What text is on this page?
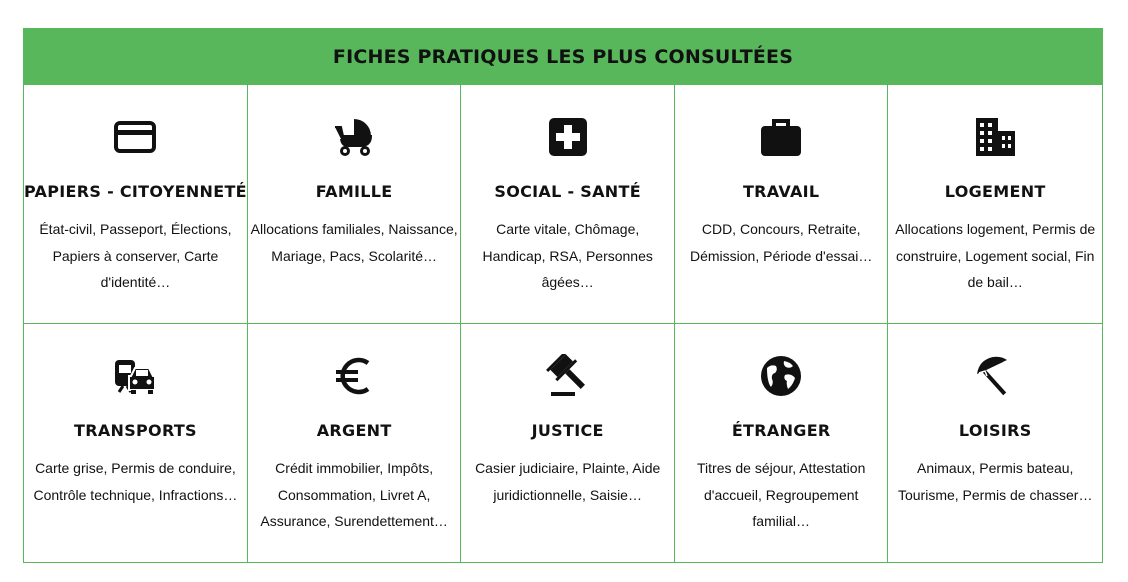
FICHES PRATIQUES LES PLUS CONSULTÉES
PAPIERS - CITOYENNETÉ
État-civil, Passeport, Élections, Papiers à conserver, Carte d'identité…
FAMILLE
Allocations familiales, Naissance, Mariage, Pacs, Scolarité…
SOCIAL - SANTÉ
Carte vitale, Chômage, Handicap, RSA, Personnes âgées…
TRAVAIL
CDD, Concours, Retraite, Démission, Période d'essai…
LOGEMENT
Allocations logement, Permis de construire, Logement social, Fin de bail…
TRANSPORTS
Carte grise, Permis de conduire, Contrôle technique, Infractions…
ARGENT
Crédit immobilier, Impôts, Consommation, Livret A, Assurance, Surendettement…
JUSTICE
Casier judiciaire, Plainte, Aide juridictionnelle, Saisie…
ÉTRANGER
Titres de séjour, Attestation d'accueil, Regroupement familial…
LOISIRS
Animaux, Permis bateau, Tourisme, Permis de chasser…
